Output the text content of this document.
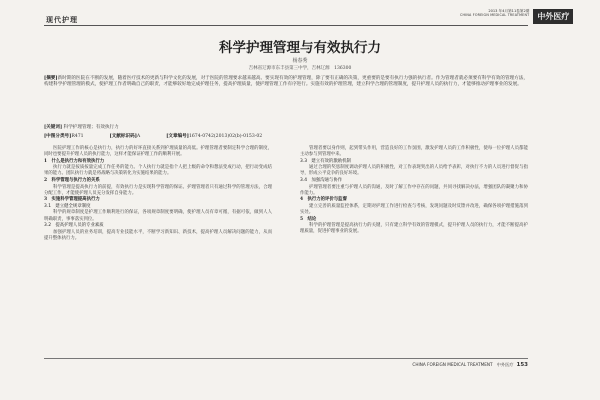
现代护理
2013 年4月第11卷第2期
CHINA FOREIGN MEDICAL TREATMENT	中外医疗
科学护理管理与有效执行力
杨春秀
吉林省辽源市东丰县第三中学，吉林辽源　136300
[摘要]新时期的医院在不断的发展，随着医疗技术的更新与科学文化的发展，对于医院的管理要求越来越高。要实现有效的护理管理，除了要有正确的决策，更重要的是要有执行力强的执行者。作为管理者就必须要有科学有效的管理方法，构建科学护理管理的模式，使护理工作者明确自己的职责，才能够较好地完成护理任务，提高护理质量，使护理管理工作有序进行。实施有效的护理管理，建立科学合理的管理制度，提升护理人员的执行力，才能够推动护理事业的发展。
[关键词] 科学护理管理；有效执行力
[中图分类号]R471	[文献标识码]A	[文章编号]1674-0742(2013)02(b)-0153-02

医院护理工作的核心是执行力，执行力的好坏直接关系到护理质量的高低。护理管理者要制定科学合理的制度，同时也要提升护理人员的执行能力，这样才能保证护理工作的顺利开展。

1　什么是执行力和有效执行力

执行力就是按质按量完成工作任务的能力。个人执行力就是指个人把上级的命令和想法变成行动，把行动变成结果的能力。团队执行力就是将战略与决策转化为实施结果的能力。

2　科学管理与执行力的关系

科学管理是提高执行力的前提，有效执行力是实现科学管理的保证。护理管理者只有通过科学的管理方法，合理分配工作，才能使护理人员充分发挥自身能力。

3　实施科学管理提高执行力

3.1　建立健全规章制度

科学的规章制度是护理工作顺利进行的保证，各项规章制度要明确，使护理人员有章可循，有据可依，做到人人明确职责，事事落实到位。

3.2　提高护理人员的专业素质

加强护理人员的业务培训，提高专业技能水平，不断学习新知识、新技术，提高护理人员解决问题的能力，从而提升整体执行力。

管理者要以身作则，起到带头作用，营造良好的工作氛围，激发护理人员的工作积极性，使每一位护理人员都能主动参与到管理中来。

3.3　建立有效的激励机制

通过合理的奖惩制度调动护理人员的积极性，对工作表现突出的人员给予表彰，对执行不力的人员进行督促与指导，形成公平竞争的良好环境。

3.4　加强沟通与协作

护理管理者要注重与护理人员的沟通，及时了解工作中存在的问题，共同寻找解决办法，增强团队的凝聚力和协作能力。

4　执行力的评价与监督

建立完善的质量监控体系，定期对护理工作进行检查与考核，发现问题及时反馈并改进，确保各项护理措施落到实处。

5　结论

科学的护理管理是提高执行力的关键，只有建立科学有效的管理模式，提升护理人员的执行力，才能不断提高护理质量，促进护理事业的发展。

CHINA FOREIGN MEDICAL TREATMENT　中外医疗 153
